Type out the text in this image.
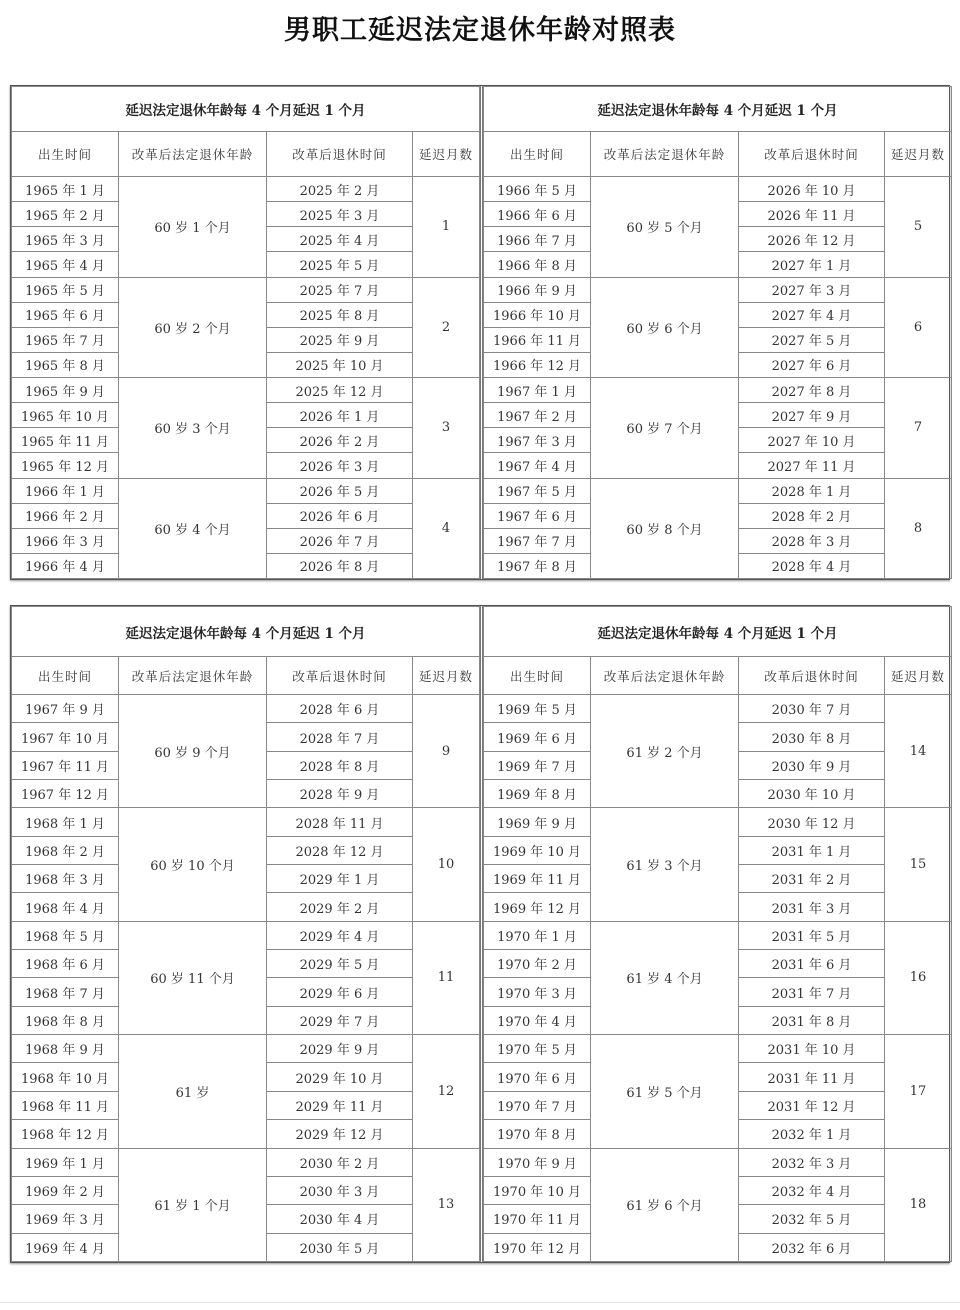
男职工延迟法定退休年龄对照表
延迟法定退休年龄每 4 个月延迟 1 个月			
出生时间	改革后法定退休年龄	改革后退休时间	延迟月数
1965 年 1 月	60 岁 1 个月	2025 年 2 月	1
1965 年 2 月		2025 年 3 月	
1965 年 3 月		2025 年 4 月	
1965 年 4 月		2025 年 5 月	
1965 年 5 月	60 岁 2 个月	2025 年 7 月	2
1965 年 6 月		2025 年 8 月	
1965 年 7 月		2025 年 9 月	
1965 年 8 月		2025 年 10 月	
1965 年 9 月	60 岁 3 个月	2025 年 12 月	3
1965 年 10 月		2026 年 1 月	
1965 年 11 月		2026 年 2 月	
1965 年 12 月		2026 年 3 月	
1966 年 1 月	60 岁 4 个月	2026 年 5 月	4
1966 年 2 月		2026 年 6 月	
1966 年 3 月		2026 年 7 月	
1966 年 4 月		2026 年 8 月	
延迟法定退休年龄每 4 个月延迟 1 个月			
出生时间	改革后法定退休年龄	改革后退休时间	延迟月数
1966 年 5 月	60 岁 5 个月	2026 年 10 月	5
1966 年 6 月		2026 年 11 月	
1966 年 7 月		2026 年 12 月	
1966 年 8 月		2027 年 1 月	
1966 年 9 月	60 岁 6 个月	2027 年 3 月	6
1966 年 10 月		2027 年 4 月	
1966 年 11 月		2027 年 5 月	
1966 年 12 月		2027 年 6 月	
1967 年 1 月	60 岁 7 个月	2027 年 8 月	7
1967 年 2 月		2027 年 9 月	
1967 年 3 月		2027 年 10 月	
1967 年 4 月		2027 年 11 月	
1967 年 5 月	60 岁 8 个月	2028 年 1 月	8
1967 年 6 月		2028 年 2 月	
1967 年 7 月		2028 年 3 月	
1967 年 8 月		2028 年 4 月	
延迟法定退休年龄每 4 个月延迟 1 个月			
出生时间	改革后法定退休年龄	改革后退休时间	延迟月数
1967 年 9 月	60 岁 9 个月	2028 年 6 月	9
1967 年 10 月		2028 年 7 月	
1967 年 11 月		2028 年 8 月	
1967 年 12 月		2028 年 9 月	
1968 年 1 月	60 岁 10 个月	2028 年 11 月	10
1968 年 2 月		2028 年 12 月	
1968 年 3 月		2029 年 1 月	
1968 年 4 月		2029 年 2 月	
1968 年 5 月	60 岁 11 个月	2029 年 4 月	11
1968 年 6 月		2029 年 5 月	
1968 年 7 月		2029 年 6 月	
1968 年 8 月		2029 年 7 月	
1968 年 9 月	61 岁	2029 年 9 月	12
1968 年 10 月		2029 年 10 月	
1968 年 11 月		2029 年 11 月	
1968 年 12 月		2029 年 12 月	
1969 年 1 月	61 岁 1 个月	2030 年 2 月	13
1969 年 2 月		2030 年 3 月	
1969 年 3 月		2030 年 4 月	
1969 年 4 月		2030 年 5 月	
延迟法定退休年龄每 4 个月延迟 1 个月			
出生时间	改革后法定退休年龄	改革后退休时间	延迟月数
1969 年 5 月	61 岁 2 个月	2030 年 7 月	14
1969 年 6 月		2030 年 8 月	
1969 年 7 月		2030 年 9 月	
1969 年 8 月		2030 年 10 月	
1969 年 9 月	61 岁 3 个月	2030 年 12 月	15
1969 年 10 月		2031 年 1 月	
1969 年 11 月		2031 年 2 月	
1969 年 12 月		2031 年 3 月	
1970 年 1 月	61 岁 4 个月	2031 年 5 月	16
1970 年 2 月		2031 年 6 月	
1970 年 3 月		2031 年 7 月	
1970 年 4 月		2031 年 8 月	
1970 年 5 月	61 岁 5 个月	2031 年 10 月	17
1970 年 6 月		2031 年 11 月	
1970 年 7 月		2031 年 12 月	
1970 年 8 月		2032 年 1 月	
1970 年 9 月	61 岁 6 个月	2032 年 3 月	18
1970 年 10 月		2032 年 4 月	
1970 年 11 月		2032 年 5 月	
1970 年 12 月		2032 年 6 月	
